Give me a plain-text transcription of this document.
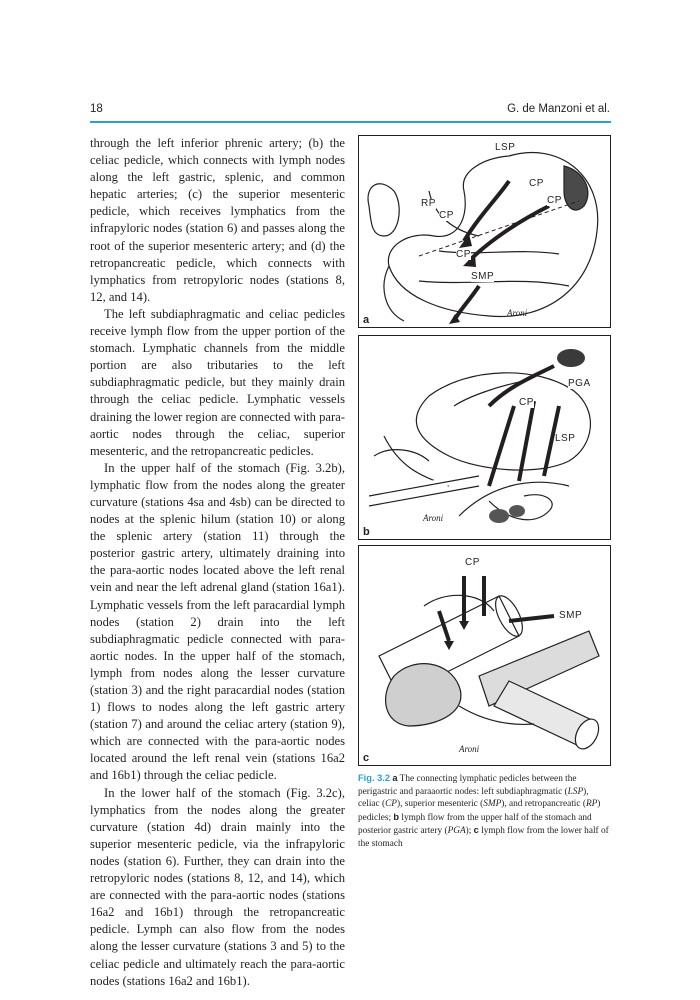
18	G. de Manzoni et al.

through the left inferior phrenic artery; (b) the celiac pedicle, which connects with lymph nodes along the left gastric, splenic, and common hepatic arteries; (c) the superior mesenteric pedicle, which receives lymphatics from the infrapyloric nodes (station 6) and passes along the root of the superior mesenteric artery; and (d) the retropancreatic pedicle, which connects with lymphatics from retropyloric nodes (stations 8, 12, and 14).

The left subdiaphragmatic and celiac pedicles receive lymph flow from the upper portion of the stomach. Lymphatic channels from the middle portion are also tributaries to the left subdiaphragmatic pedicle, but they mainly drain through the celiac pedicle. Lymphatic vessels draining the lower region are connected with para-aortic nodes through the celiac, superior mesenteric, and the retropancreatic pedicles.

In the upper half of the stomach (Fig. 3.2b), lymphatic flow from the nodes along the greater curvature (stations 4sa and 4sb) can be directed to nodes at the splenic hilum (station 10) or along the splenic artery (station 11) through the posterior gastric artery, ultimately draining into the para-aortic nodes located above the left renal vein and near the left adrenal gland (station 16a1). Lymphatic vessels from the left paracardial lymph nodes (station 2) drain into the left subdiaphragmatic pedicle connected with para-aortic nodes. In the upper half of the stomach, lymph from nodes along the lesser curvature (station 3) and the right paracardial nodes (station 1) flows to nodes along the left gastric artery (station 7) and around the celiac artery (station 9), which are connected with the para-aortic nodes located around the left renal vein (stations 16a2 and 16b1) through the celiac pedicle.

In the lower half of the stomach (Fig. 3.2c), lymphatics from the nodes along the greater curvature (station 4d) drain mainly into the superior mesenteric pedicle, via the infrapyloric nodes (station 6). Further, they can drain into the retropyloric nodes (stations 8, 12, and 14), which are connected with the para-aortic nodes (stations 16a2 and 16b1) through the retropancreatic pedicle. Lymph can also flow from the nodes along the lesser curvature (stations 3 and 5) to the celiac pedicle and ultimately reach the para-aortic nodes (stations 16a2 and 16b1).

LSP
CP
CP
RP
CP
CP
SMP
Aroni
a
PGA
CP
LSP
Aroni
b
CP
SMP
Aroni
c
Fig. 3.2 a The connecting lymphatic pedicles between the perigastric and paraaortic nodes: left subdiaphragmatic (LSP), celiac (CP), superior mesenteric (SMP), and retropancreatic (RP) pedicles; b lymph flow from the upper half of the stomach and posterior gastric artery (PGA); c lymph flow from the lower half of the stomach
